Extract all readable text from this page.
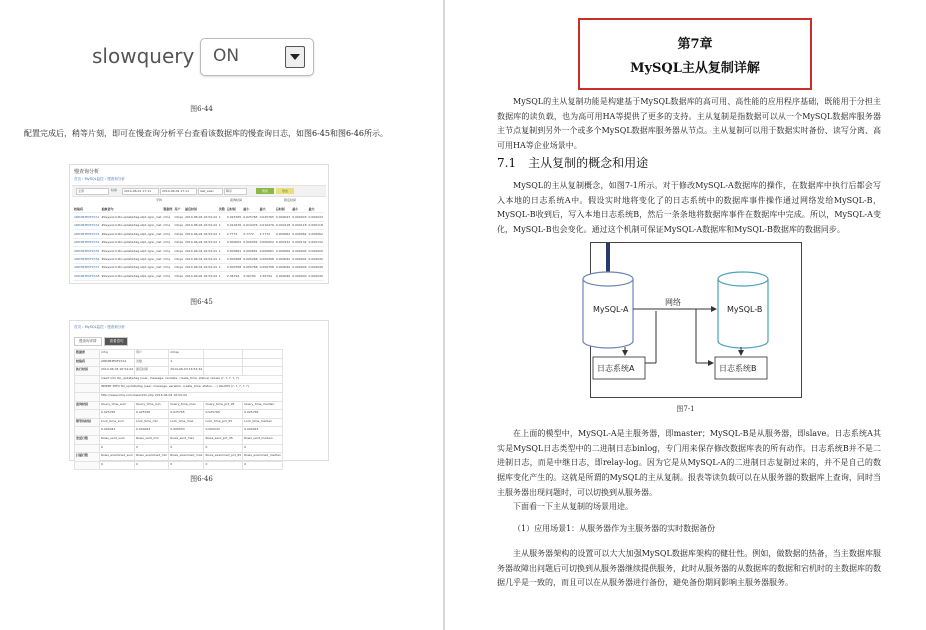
slowquery ON
图6-44
配置完成后，稍等片刻，即可在慢查询分析平台查看该数据库的慢查询日志，如图6-45和图6-46所示。
慢查询分析
首页 › MySQL监控 › 慢查询分析
全部	时间	2014-06-01 17:11	2014-06-04 17:11	last_exec	降序	搜索	导出
平均	查询时间	锁定时间
校验码	抽象语句	数据库	用户	最后时间	次数	总时间	最小	最大	总时间	最小	最大
A8D2B3E0F97A1	#keyword-tbl-update/tag-stp1-lgnn_inst	mhq	mhqe	2014-06-04 16:54:44	1	0.025765	0.025765	0.025765	0.000043	0.000043	0.000043
A8D2B3E0F97A2	#keyword-tbl-update/tag-stp1-lgnn_inst	mhq	mhqe	2014-06-04 16:54:44	1	0.010476	0.010476	0.010476	0.000118	0.000118	0.000118
A8D2B3E0F97A3	#keyword-tbl-update/tag-stp1-lgnn_inst	mhq	mhqe	2014-06-04 16:54:44	1	2.7772	2.7772	2.7772	0.000062	0.000062	0.000062
A8D2B3E0F97A4	#keyword-tbl-update/tag-stp1-lgnn_inst	mhq	mhqe	2014-06-04 16:54:44	1	0.000052	0.000052	0.000052	0.000132	0.000132	0.000132
A8D2B3E0F97A5	#keyword-tbl-update/tag-stp1-lgnn_inst	mhq	mhqe	2014-06-04 16:54:44	1	0.000661	0.000661	0.000661	0.000000	0.000000	0.000000
A8D2B3E0F97A6	#keyword-tbl-update/tag-stp1-lgnn_inst	mhq	mhqe	2014-06-04 16:54:44	1	0.000268	0.000268	0.000268	0.000042	0.000042	0.000042
A8D2B3E0F97A7	#keyword-tbl-update/tag-stp1-lgnn_inst	mhq	mhqe	2014-06-04 16:54:44	1	0.000768	0.000768	0.000768	0.000049	0.000049	0.000049
A8D2B3E0F97A8	#keyword-tbl-update/tag-stp1-lgnn_inst	mhq	mhqe	2014-06-04 16:54:44	1	2.36794	2.36794	2.36794	0.000040	0.000040	0.000040
图6-45
首页 › MySQL监控 › 慢查询分析
慢查询详情	查看语句
数据库	mhq	用户	mhqe		
校验码	A8D2B3E0F97A1	次数	1		
执行时间	2014-06-04 16:54:44	最后时间	2014-06-04 16:54:44		
	insert into tbl_update/tag (user, message, variable, create_time, status) values (?, ?, ?, ?, ?)				
	INSERT INTO tbl_update/tag (user, message, variable, create_time, status, ...) VALUES (?, ?, ?, ?, ?)				
	http://www.mhq.com/www/info.php 2014-06-04 16:54:44				
查询时间	Query_time_sum	Query_time_min	Query_time_max	Query_time_pct_95	Query_time_median
	0.025765	0.025765	0.025765	0.025765	0.025765
锁等待时间	Lock_time_sum	Lock_time_min	Lock_time_max	Lock_time_pct_95	Lock_time_median
	0.000043	0.000043	0.000043	0.000043	0.000043
发送行数	Rows_sent_sum	Rows_sent_min	Rows_sent_max	Rows_sent_pct_95	Rows_sent_median
	0	0	0	0	0
扫描行数	Rows_examined_sum	Rows_examined_min	Rows_examined_max	Rows_examined_pct_95	Rows_examined_median
	0	0	0	0	0
图6-46
第7章
MySQL主从复制详解
MySQL的主从复制功能是构建基于MySQL数据库的高可用、高性能的应用程序基础，既能用于分担主数据库的读负载，也为高可用HA等提供了更多的支持。主从复制是指数据可以从一个MySQL数据库服务器主节点复制到另外一个或多个MySQL数据库服务器从节点。主从复制可以用于数据实时备份、读写分离、高可用HA等企业场景中。
7.1　主从复制的概念和用途
MySQL的主从复制概念，如图7-1所示。对于修改MySQL-A数据库的操作，在数据库中执行后都会写入本地的日志系统A中。假设实时地将变化了的日志系统中的数据库事件操作通过网络发给MySQL-B，MySQL-B收到后，写入本地日志系统B，然后一条条地将数据库事件在数据库中完成。所以，MySQL-A变化，MySQL-B也会变化。通过这个机制可保证MySQL-A数据库和MySQL-B数据库的数据同步。
MySQL-A	MySQL-B
网络
日志系统A	日志系统B
图7-1
在上面的模型中，MySQL-A是主服务器，即master；MySQL-B是从服务器，即slave。日志系统A其实是MySQL日志类型中的二进制日志binlog，专门用来保存修改数据库表的所有动作。日志系统B并不是二进制日志，而是中继日志，即relay-log。因为它是从MySQL-A的二进制日志复制过来的，并不是自己的数据库变化产生的。这就是所谓的MySQL的主从复制。报表等读负载可以在从服务器的数据库上查询，同时当主服务器出现问题时，可以切换到从服务器。
下面看一下主从复制的场景用途。
（1）应用场景1：从服务器作为主服务器的实时数据备份
主从服务器架构的设置可以大大加强MySQL数据库架构的健壮性。例如，做数据的热备，当主数据库服务器故障出问题后可切换到从服务器继续提供服务，此时从服务器的从数据库的数据和宕机时的主数据库的数据几乎是一致的，而且可以在从服务器进行备份，避免备份期间影响主服务器服务。
